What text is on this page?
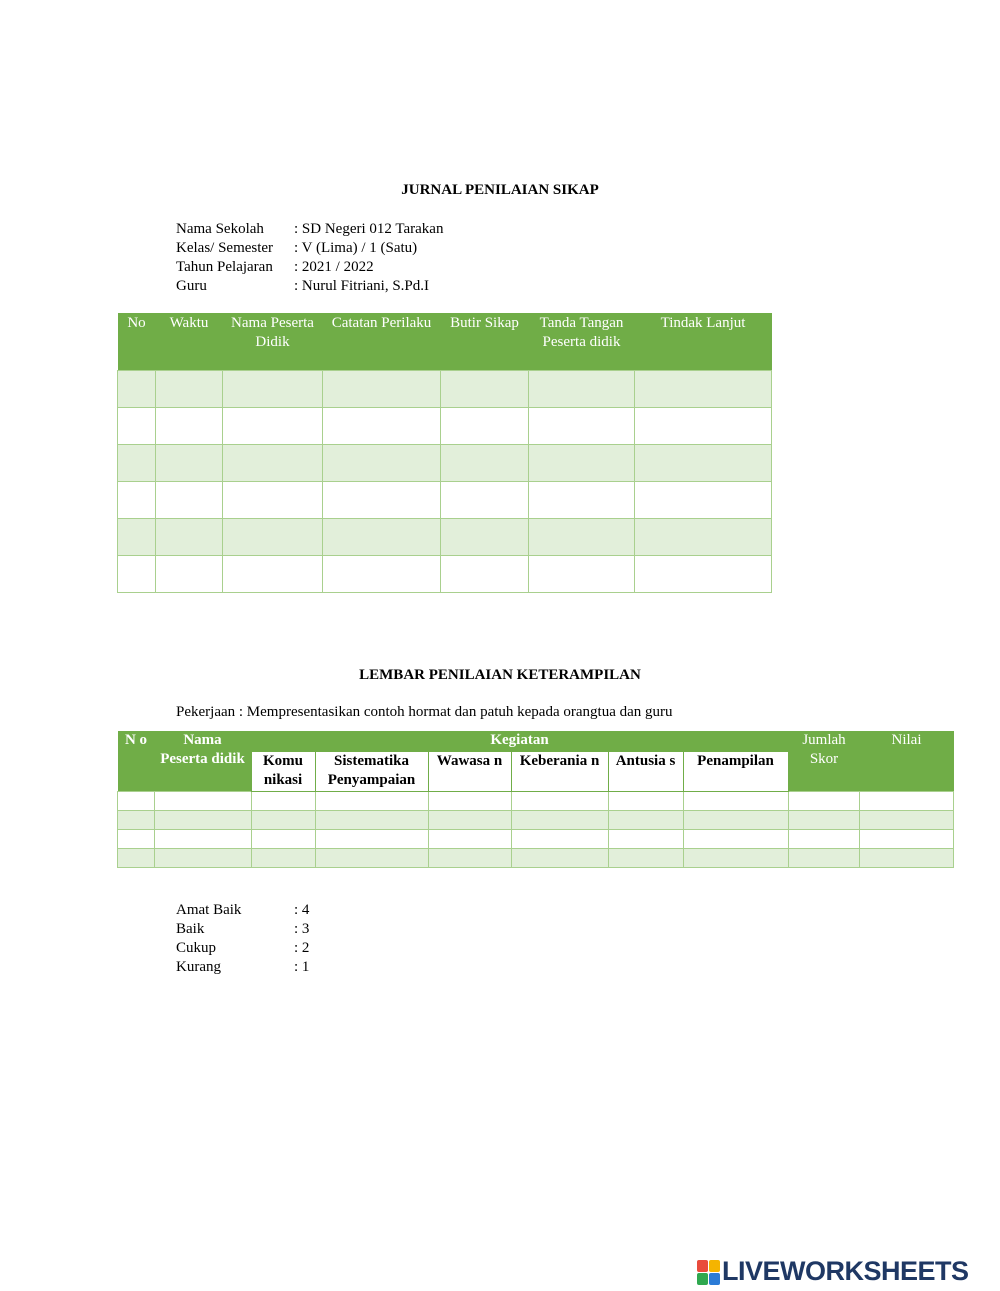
JURNAL PENILAIAN SIKAP
Nama Sekolah	: SD Negeri 012 Tarakan
Kelas/ Semester	: V (Lima) / 1 (Satu)
Tahun Pelajaran	: 2021 / 2022
Guru	: Nurul Fitriani, S.Pd.I
No	Waktu	Nama Peserta Didik	Catatan Perilaku	Butir Sikap	Tanda Tangan Peserta didik	Tindak Lanjut

LEMBAR PENILAIAN KETERAMPILAN
Pekerjaan : Mempresentasikan contoh hormat dan patuh kepada orangtua dan guru
N o	Nama Peserta didik	Kegiatan						Jumlah Skor	Nilai
		Komu nikasi	Sistematika Penyampaian	Wawasa n	Keberania n	Antusia s	Penampilan		

Amat Baik	: 4
Baik	: 3
Cukup	: 2
Kurang	: 1
LIVEWORKSHEETS
